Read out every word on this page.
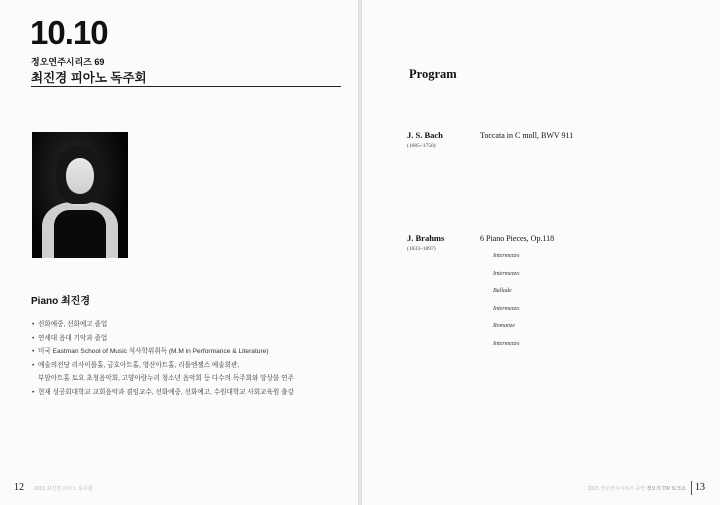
10.10
정오연주시리즈 69
최진경 피아노 독주회
Piano 최진경
• 선화예중, 선화예고 졸업
• 연세대 음대 기악과 졸업
• 미국 Eastman School of Music 석사학위취득 (M.M in Performance & Literature)
• 예술의전당 리사이틀홀, 금호아트홀, 영산아트홀, 리틀엔젤스 예술회관,
부암아트홀 토요 초청음악회, 고양아람누리 청소년 음악회 등 다수의 독주회와 앙상블 연주
• 현재 성공회대학교 교회음악과 겸임교수, 선화예중, 선화예고, 수원대학교 사회교육원 출강
12 2015 최진경 피아노 독주회
Program
J. S. Bach
(1685~1750)
Toccata in C moll, BWV 911
J. Brahms
(1833~1897)
6 Piano Pieces, Op.118
Intermezzo
Intermezzo
Ballade
Intermezzo
Romanze
Intermezzo
2015 정오연주시리즈 공연 정오의 TIV 토크쇼 13
